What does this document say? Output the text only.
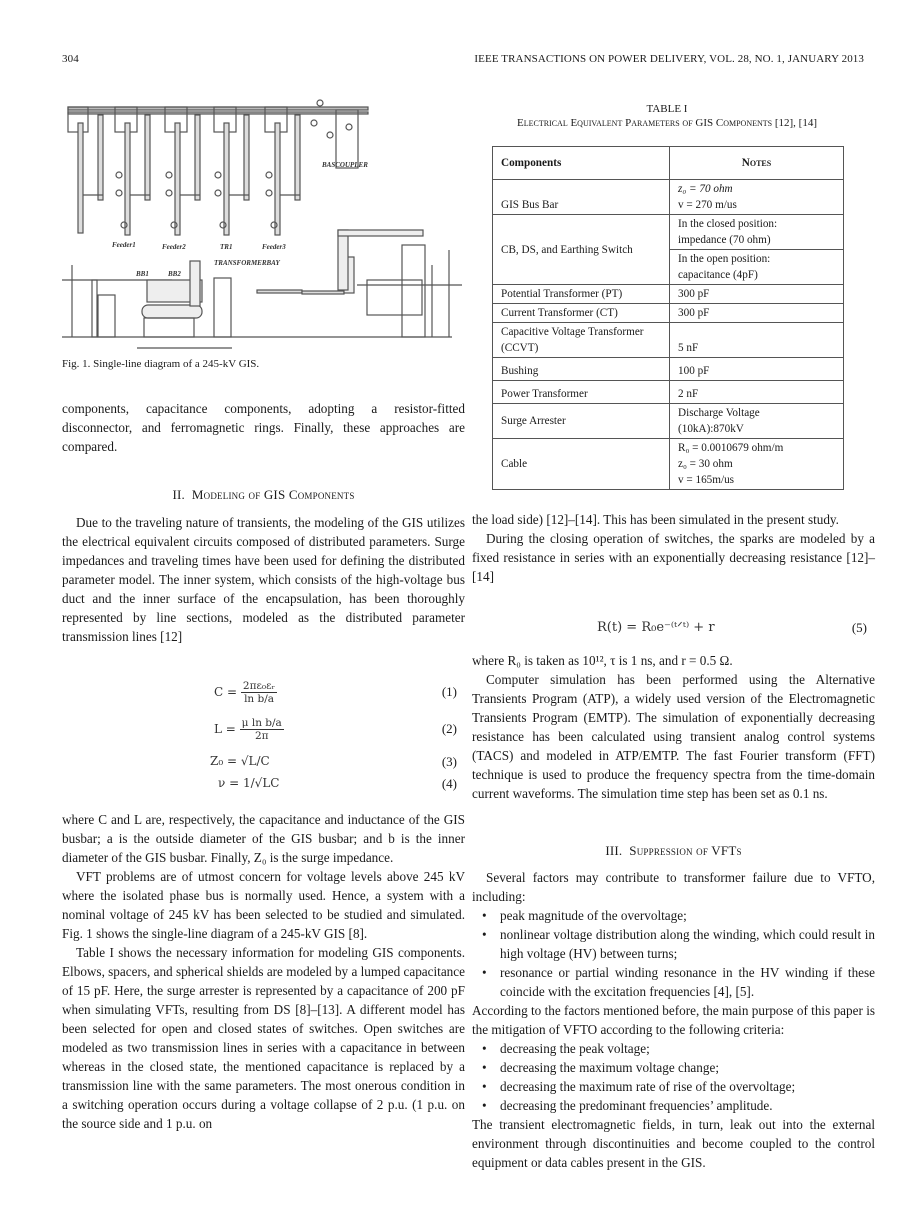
304	IEEE TRANSACTIONS ON POWER DELIVERY, VOL. 28, NO. 1, JANUARY 2013
BASCOUPLER
Feeder1	Feeder2	TR1	Feeder3
TRANSFORMERBAY
BB1	BB2
Fig. 1. Single-line diagram of a 245-kV GIS.
TABLE I
Electrical Equivalent Parameters of GIS Components [12], [14]
Components	Notes
GIS Bus Bar	z₀ = 70 ohm
v = 270 m/us

CB, DS, and Earthing Switch	In the closed position:
impedance (70 ohm)

	In the open position:
capacitance (4pF)

Potential Transformer (PT)	300 pF
Current Transformer (CT)	300 pF
Capacitive Voltage Transformer (CCVT)	5 nF
Bushing	100 pF
Power Transformer	2 nF
Surge Arrester	Discharge Voltage
(10kA):870kV

Cable	R₀ = 0.0010679 ohm/m
z₀ = 30 ohm
v = 165m/us

components, capacitance components, adopting a resistor-fitted disconnector, and ferromagnetic rings. Finally, these approaches are compared.

II. Modeling of GIS Components

Due to the traveling nature of transients, the modeling of the GIS utilizes the electrical equivalent circuits composed of distributed parameters. Surge impedances and traveling times have been used for defining the distributed parameter model. The inner system, which consists of the high-voltage bus duct and the inner surface of the encapsulation, has been thoroughly represented by line sections, modeled as the distributed parameter transmission lines [12]

$C = \frac{\text{2πε₀εᵣ}}{\text{ln b/a}}$	(1)
$L = \frac{\text{μ ln b/a}}{2\pi}$	(2)
Z₀ = √L/C	(3)
ν = 1/√LC	(4)

where C and L are, respectively, the capacitance and inductance of the GIS busbar; a is the outside diameter of the GIS busbar; and b is the inner diameter of the GIS busbar. Finally, Z₀ is the surge impedance.

VFT problems are of utmost concern for voltage levels above 245 kV where the isolated phase bus is normally used. Hence, a system with a nominal voltage of 245 kV has been selected to be studied and simulated. Fig. 1 shows the single-line diagram of a 245-kV GIS [8].

Table I shows the necessary information for modeling GIS components. Elbows, spacers, and spherical shields are modeled by a lumped capacitance of 15 pF. Here, the surge arrester is represented by a capacitance of 200 pF when simulating VFTs, resulting from DS [8]–[13]. A different model has been selected for open and closed states of switches. Open switches are modeled as two transmission lines in series with a capacitance in between whereas in the closed state, the mentioned capacitance is replaced by a transmission line with the same parameters. The most onerous condition in a switching operation occurs during a voltage collapse of 2 p.u. (1 p.u. on the source side and 1 p.u. on

the load side) [12]–[14]. This has been simulated in the present study.

During the closing operation of switches, the sparks are modeled by a fixed resistance in series with an exponentially decreasing resistance [12]–[14]

R(t) = R₀e⁻⁽ᵗᐟᵗ⁾ + r	(5)

where R₀ is taken as 10¹², τ is 1 ns, and r = 0.5 Ω.

Computer simulation has been performed using the Alternative Transients Program (ATP), a widely used version of the Electromagnetic Transients Program (EMTP). The simulation of exponentially decreasing resistance has been calculated using transient analog control systems (TACS) and modeled in ATP/EMTP. The fast Fourier transform (FFT) technique is used to produce the frequency spectra from the time-domain current waveforms. The simulation time step has been set as 0.1 ns.

III. Suppression of VFTs

Several factors may contribute to transformer failure due to VFTO, including:

• peak magnitude of the overvoltage;
• nonlinear voltage distribution along the winding, which could result in high voltage (HV) between turns;
• resonance or partial winding resonance in the HV winding if these coincide with the excitation frequencies [4], [5].

According to the factors mentioned before, the main purpose of this paper is the mitigation of VFTO according to the following criteria:

• decreasing the peak voltage;
• decreasing the maximum voltage change;
• decreasing the maximum rate of rise of the overvoltage;
• decreasing the predominant frequencies’ amplitude.

The transient electromagnetic fields, in turn, leak out into the external environment through discontinuities and become coupled to the control equipment or data cables present in the GIS.
